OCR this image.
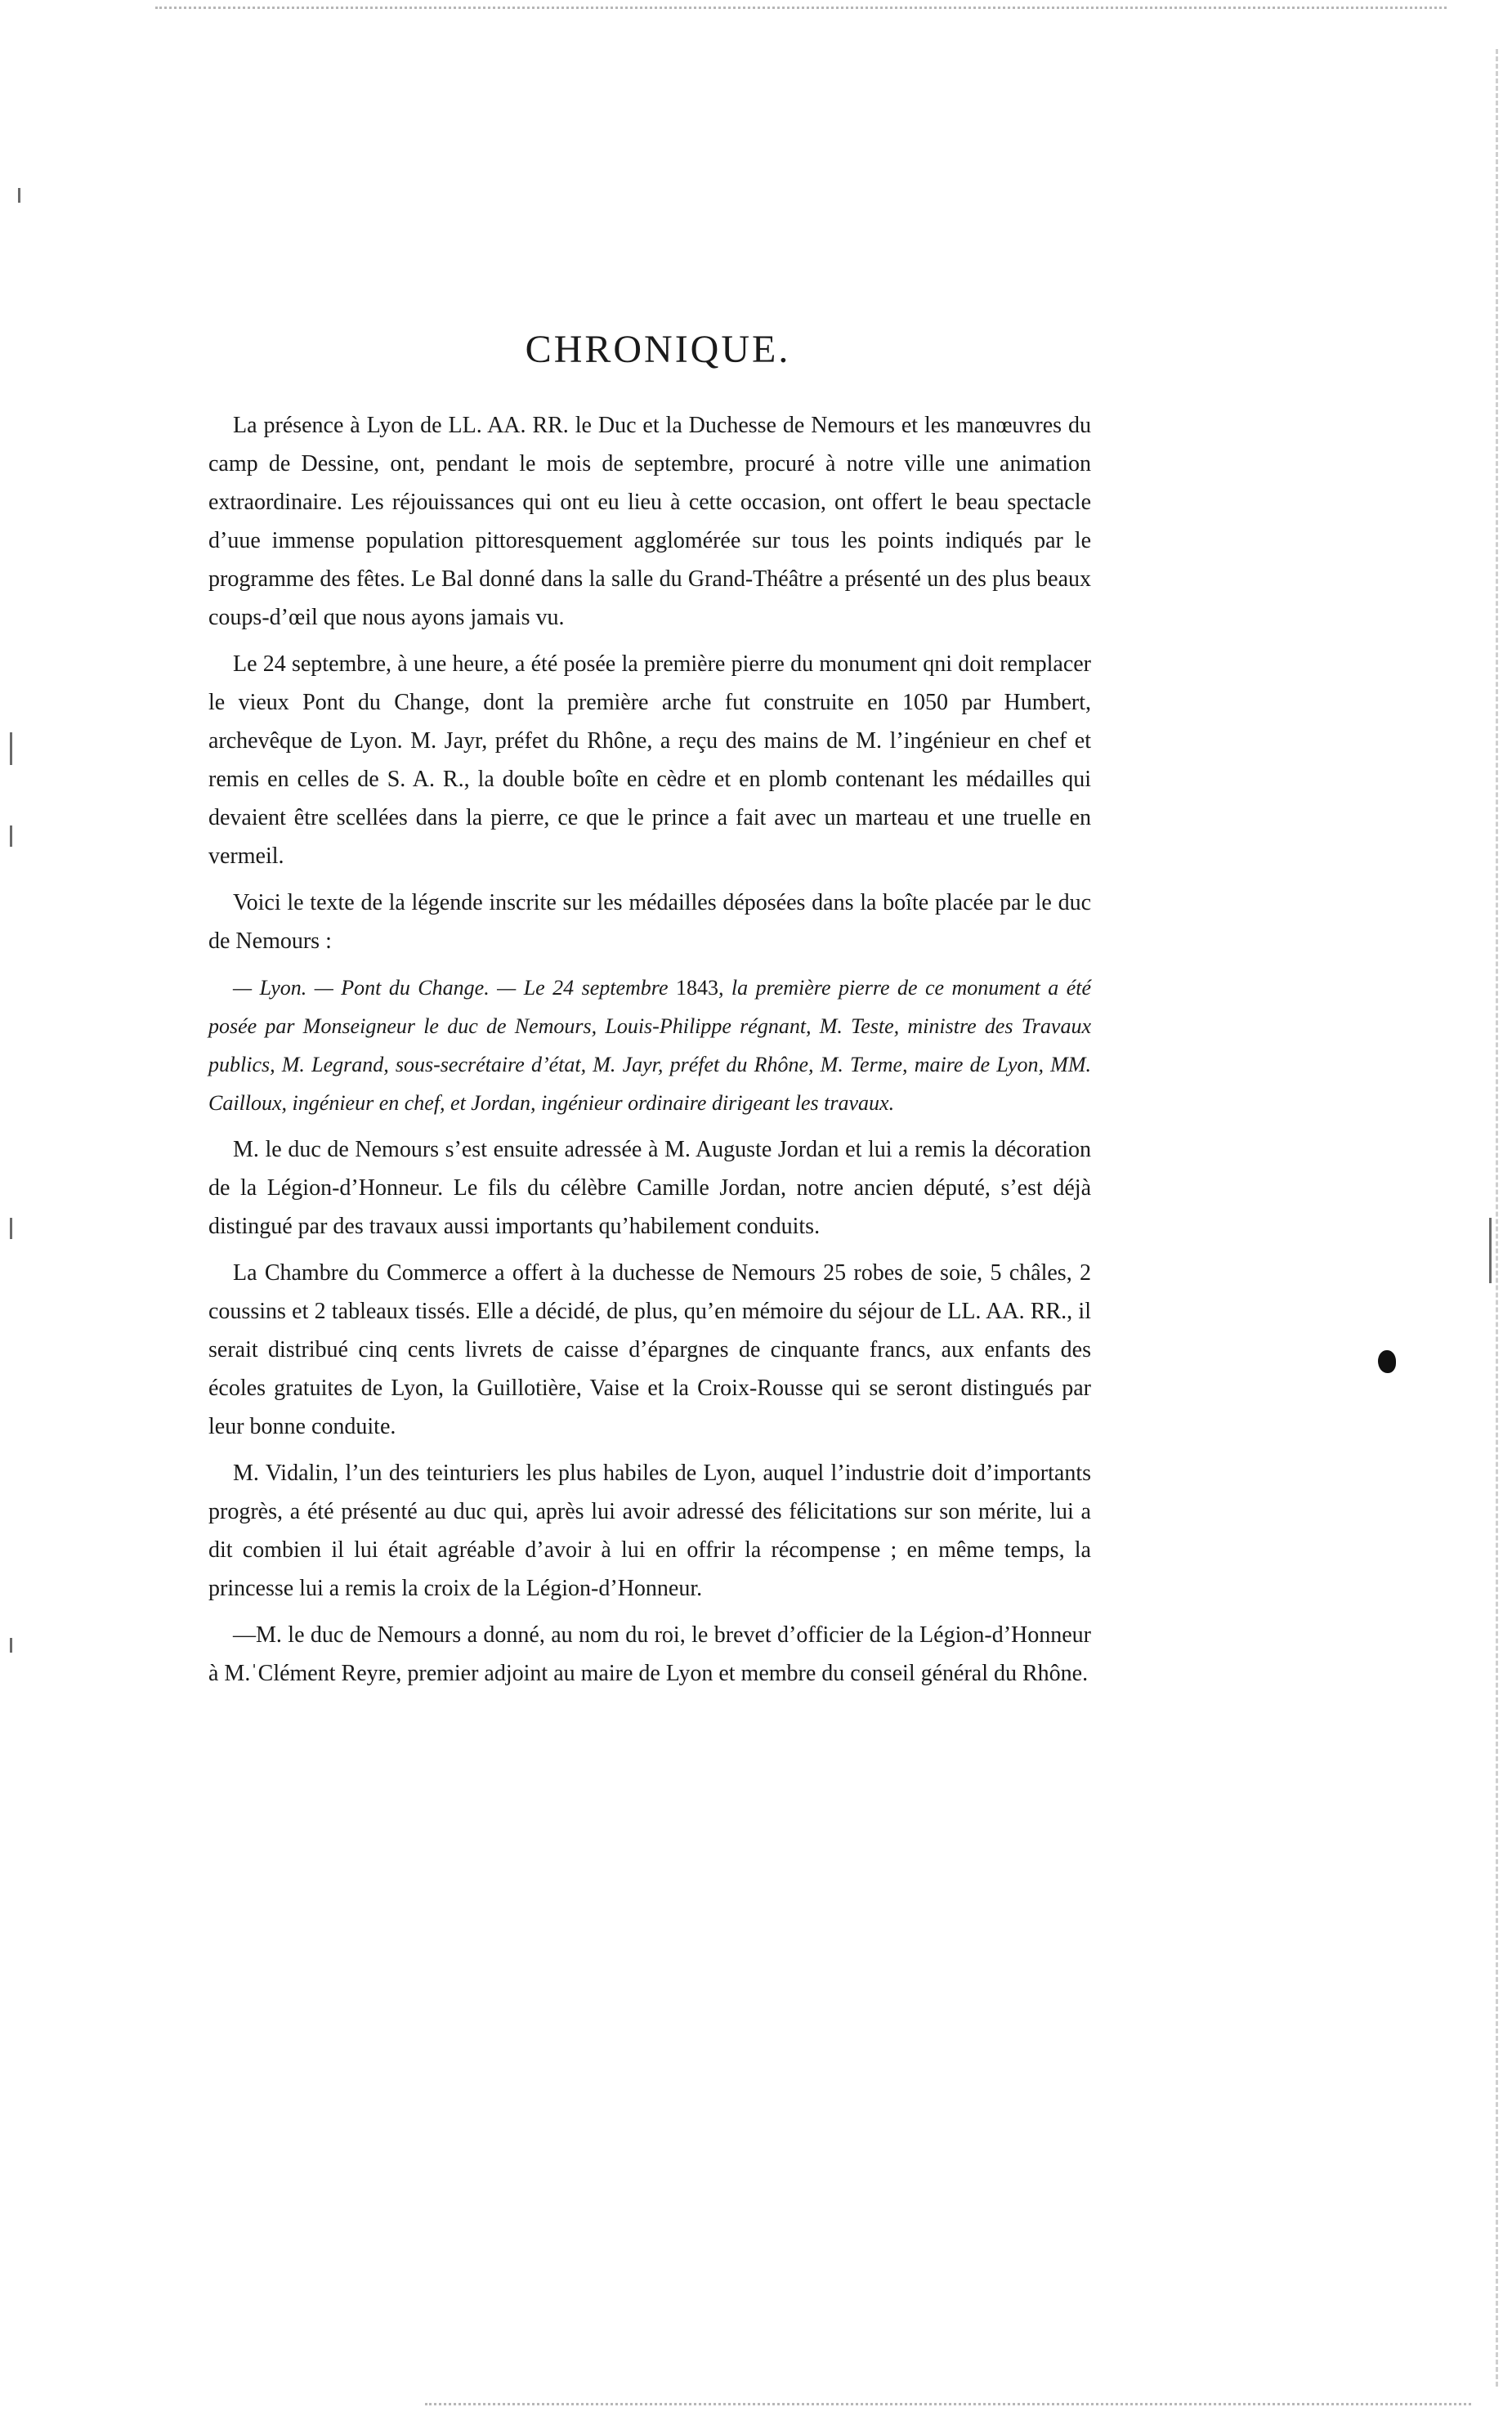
CHRONIQUE.

La présence à Lyon de LL. AA. RR. le Duc et la Duchesse de Nemours et les manœuvres du camp de Dessine, ont, pendant le mois de septembre, procuré à notre ville une animation extraordinaire. Les réjouissances qui ont eu lieu à cette occasion, ont offert le beau spectacle d’uue immense population pittoresquement agglomérée sur tous les points indiqués par le programme des fêtes. Le Bal donné dans la salle du Grand-Théâtre a présenté un des plus beaux coups-d’œil que nous ayons jamais vu.

Le 24 septembre, à une heure, a été posée la première pierre du monument qni doit remplacer le vieux Pont du Change, dont la première arche fut construite en 1050 par Humbert, archevêque de Lyon. M. Jayr, préfet du Rhône, a reçu des mains de M. l’ingénieur en chef et remis en celles de S. A. R., la double boîte en cèdre et en plomb contenant les médailles qui devaient être scellées dans la pierre, ce que le prince a fait avec un marteau et une truelle en vermeil.

Voici le texte de la légende inscrite sur les médailles déposées dans la boîte placée par le duc de Nemours :

— Lyon. — Pont du Change. — Le 24 septembre 1843, la première pierre de ce monument a été posée par Monseigneur le duc de Nemours, Louis-Philippe régnant, M. Teste, ministre des Travaux publics, M. Legrand, sous-secrétaire d’état, M. Jayr, préfet du Rhône, M. Terme, maire de Lyon, MM. Cailloux, ingénieur en chef, et Jordan, ingénieur ordinaire dirigeant les travaux.

M. le duc de Nemours s’est ensuite adressée à M. Auguste Jordan et lui a remis la décoration de la Légion-d’Honneur. Le fils du célèbre Camille Jordan, notre ancien député, s’est déjà distingué par des travaux aussi importants qu’habilement conduits.

La Chambre du Commerce a offert à la duchesse de Nemours 25 robes de soie, 5 châles, 2 coussins et 2 tableaux tissés. Elle a décidé, de plus, qu’en mémoire du séjour de LL. AA. RR., il serait distribué cinq cents livrets de caisse d’épargnes de cinquante francs, aux enfants des écoles gratuites de Lyon, la Guillotière, Vaise et la Croix-Rousse qui se seront distingués par leur bonne conduite.

M. Vidalin, l’un des teinturiers les plus habiles de Lyon, auquel l’industrie doit d’importants progrès, a été présenté au duc qui, après lui avoir adressé des félicitations sur son mérite, lui a dit combien il lui était agréable d’avoir à lui en offrir la récompense ; en même temps, la princesse lui a remis la croix de la Légion-d’Honneur.

—M. le duc de Nemours a donné, au nom du roi, le brevet d’officier de la Légion-d’Honneur à M.ˈClément Reyre, premier adjoint au maire de Lyon et membre du conseil général du Rhône.
